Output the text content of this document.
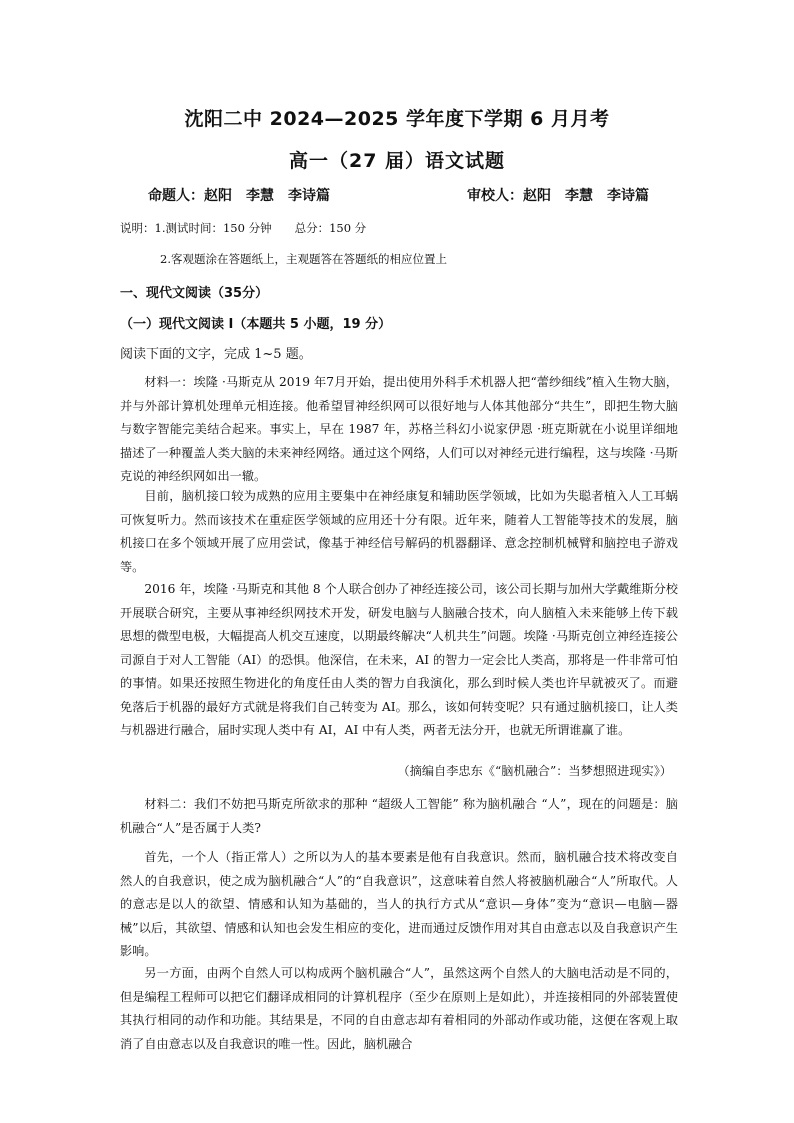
沈阳二中 2024—2025 学年度下学期 6 月月考
高一（27 届）语文试题
命题人：赵阳　李慧　李诗篇	审校人：赵阳　李慧　李诗篇
说明：1.测试时间：150 分钟　　总分：150 分
2.客观题涂在答题纸上，主观题答在答题纸的相应位置上
一、现代文阅读（35分）
（一）现代文阅读 I（本题共 5 小题，19 分）
阅读下面的文字，完成 1~5 题。

材料一：埃隆 ·马斯克从 2019 年7月开始，提出使用外科手术机器人把“蕾纱细线”植入生物大脑，并与外部计算机处理单元相连接。他希望冒神经织网可以很好地与人体其他部分“共生”，即把生物大脑与数字智能完美结合起来。事实上，早在 1987 年，苏格兰科幻小说家伊恩 ·班克斯就在小说里详细地描述了一种覆盖人类大脑的未来神经网络。通过这个网络，人们可以对神经元进行编程，这与埃隆 ·马斯克说的神经织网如出一辙。

目前，脑机接口较为成熟的应用主要集中在神经康复和辅助医学领域，比如为失聪者植入人工耳蜗可恢复听力。然而该技术在重症医学领域的应用还十分有限。近年来，随着人工智能等技术的发展，脑机接口在多个领域开展了应用尝试，像基于神经信号解码的机器翻译、意念控制机械臂和脑控电子游戏等。

2016 年，埃隆 ·马斯克和其他 8 个人联合创办了神经连接公司，该公司长期与加州大学戴维斯分校开展联合研究，主要从事神经织网技术开发，研发电脑与人脑融合技术，向人脑植入未来能够上传下载思想的微型电极，大幅提高人机交互速度，以期最终解决“人机共生”问题。埃隆 ·马斯克创立神经连接公司源自于对人工智能（AI）的恐惧。他深信，在未来，AI 的智力一定会比人类高，那将是一件非常可怕的事情。如果还按照生物进化的角度任由人类的智力自我演化，那么到时候人类也许早就被灭了。而避免落后于机器的最好方式就是将我们自己转变为 AI。那么，该如何转变呢？只有通过脑机接口，让人类与机器进行融合，届时实现人类中有 AI，AI 中有人类，两者无法分开，也就无所谓谁赢了谁。

（摘编自李忠东《“脑机融合”：当梦想照进现实》）

材料二：我们不妨把马斯克所欲求的那种 “超级人工智能” 称为脑机融合 “人”，现在的问题是：脑机融合“人”是否属于人类?

首先，一个人（指正常人）之所以为人的基本要素是他有自我意识。然而，脑机融合技术将改变自然人的自我意识，使之成为脑机融合“人”的“自我意识”，这意味着自然人将被脑机融合“人”所取代。人的意志是以人的欲望、情感和认知为基础的，当人的执行方式从“意识—身体”变为“意识—电脑—器械”以后，其欲望、情感和认知也会发生相应的变化，进而通过反馈作用对其自由意志以及自我意识产生影响。

另一方面，由两个自然人可以构成两个脑机融合“人”，虽然这两个自然人的大脑电活动是不同的，但是编程工程师可以把它们翻译成相同的计算机程序（至少在原则上是如此），并连接相同的外部装置使其执行相同的动作和功能。其结果是，不同的自由意志却有着相同的外部动作或功能，这便在客观上取消了自由意志以及自我意识的唯一性。因此，脑机融合
